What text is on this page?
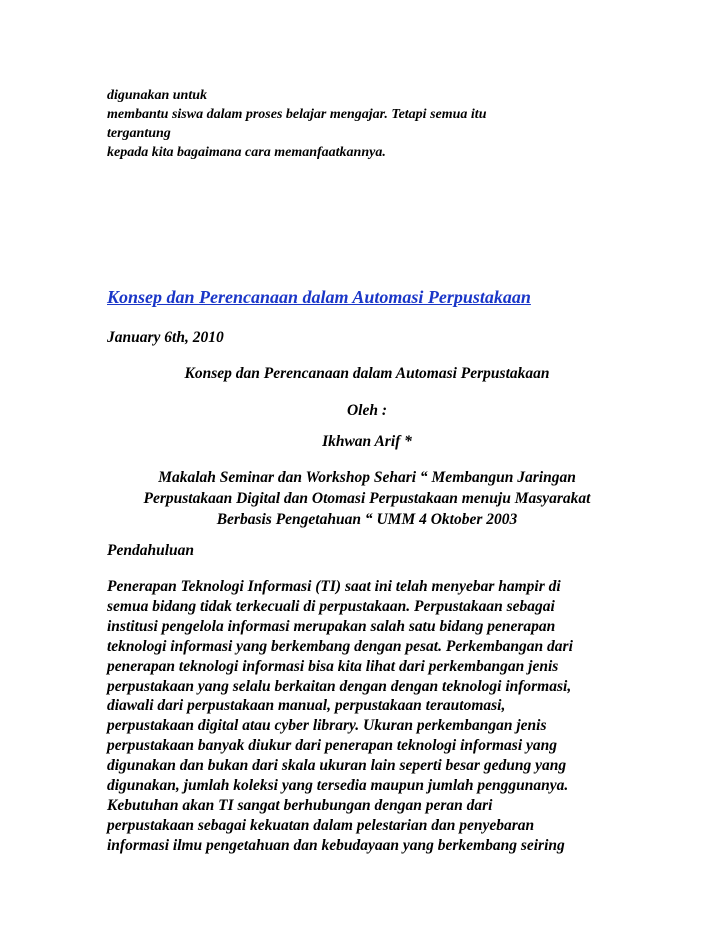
digunakan untuk
membantu siswa dalam proses belajar mengajar. Tetapi semua itu
tergantung
kepada kita bagaimana cara memanfaatkannya.
Konsep dan Perencanaan dalam Automasi Perpustakaan
January 6th, 2010
Konsep dan Perencanaan dalam Automasi Perpustakaan
Oleh :
Ikhwan Arif *
Makalah Seminar dan Workshop Sehari “ Membangun Jaringan
Perpustakaan Digital dan Otomasi Perpustakaan menuju Masyarakat
Berbasis Pengetahuan “ UMM 4 Oktober 2003
Pendahuluan
Penerapan Teknologi Informasi (TI) saat ini telah menyebar hampir di
semua bidang tidak terkecuali di perpustakaan. Perpustakaan sebagai
institusi pengelola informasi merupakan salah satu bidang penerapan
teknologi informasi yang berkembang dengan pesat. Perkembangan dari
penerapan teknologi informasi bisa kita lihat dari perkembangan jenis
perpustakaan yang selalu berkaitan dengan dengan teknologi informasi,
diawali dari perpustakaan manual, perpustakaan terautomasi,
perpustakaan digital atau cyber library. Ukuran perkembangan jenis
perpustakaan banyak diukur dari penerapan teknologi informasi yang
digunakan dan bukan dari skala ukuran lain seperti besar gedung yang
digunakan, jumlah koleksi yang tersedia maupun jumlah penggunanya.
Kebutuhan akan TI sangat berhubungan dengan peran dari
perpustakaan sebagai kekuatan dalam pelestarian dan penyebaran
informasi ilmu pengetahuan dan kebudayaan yang berkembang seiring
